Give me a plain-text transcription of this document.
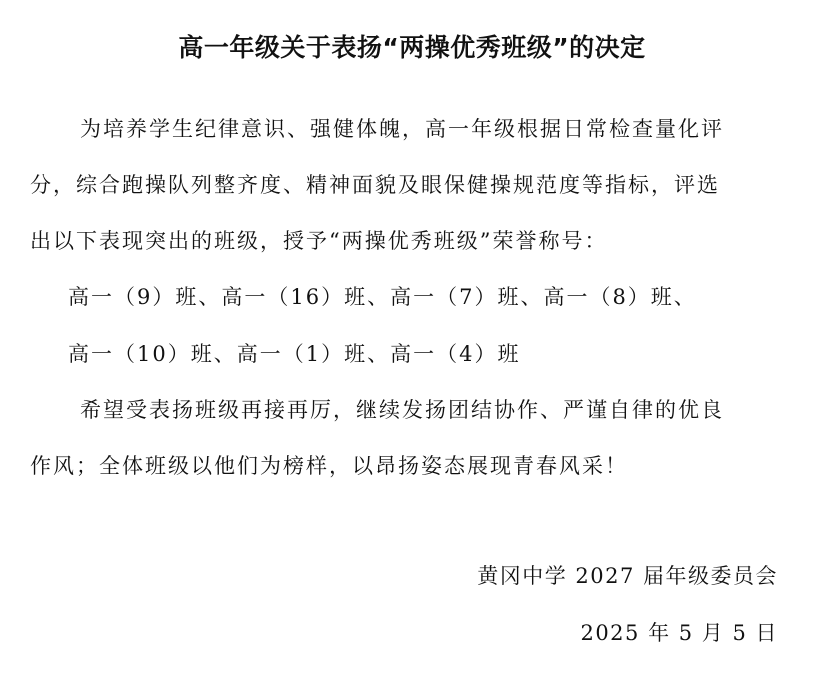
高一年级关于表扬“两操优秀班级”的决定
为培养学生纪律意识、强健体魄，高一年级根据日常检查量化评
分，综合跑操队列整齐度、精神面貌及眼保健操规范度等指标，评选
出以下表现突出的班级，授予“两操优秀班级”荣誉称号：
高一（9）班、高一（16）班、高一（7）班、高一（8）班、
高一（10）班、高一（1）班、高一（4）班
希望受表扬班级再接再厉，继续发扬团结协作、严谨自律的优良
作风；全体班级以他们为榜样，以昂扬姿态展现青春风采！
黄冈中学 2027 届年级委员会
2025 年 5 月 5 日
